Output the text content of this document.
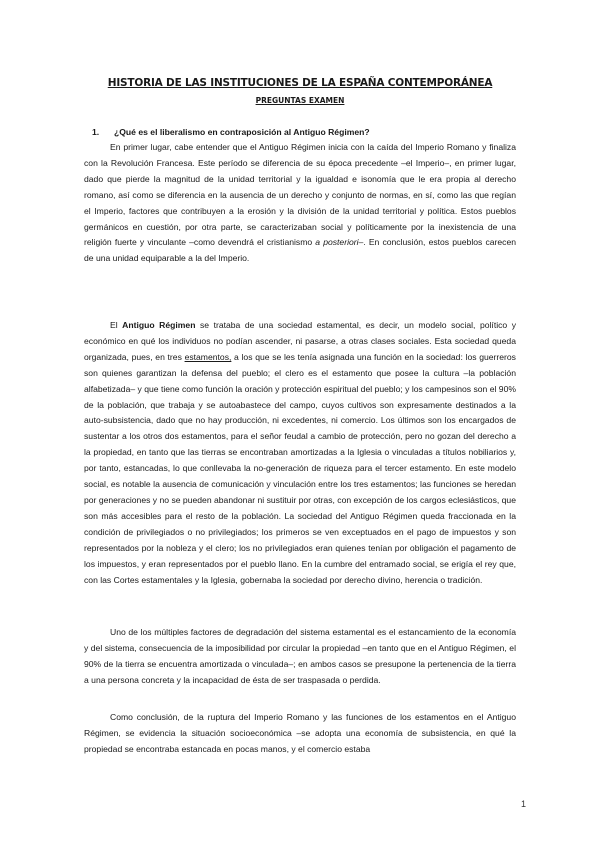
HISTORIA DE LAS INSTITUCIONES DE LA ESPAÑA CONTEMPORÁNEA
PREGUNTAS EXAMEN
1. ¿Qué es el liberalismo en contraposición al Antiguo Régimen?

En primer lugar, cabe entender que el Antiguo Régimen inicia con la caída del Imperio Romano y finaliza con la Revolución Francesa. Este período se diferencia de su época precedente –el Imperio–, en primer lugar, dado que pierde la magnitud de la unidad territorial y la igualdad e isonomía que le era propia al derecho romano, así como se diferencia en la ausencia de un derecho y conjunto de normas, en sí, como las que regían el Imperio, factores que contribuyen a la erosión y la división de la unidad territorial y política. Estos pueblos germánicos en cuestión, por otra parte, se caracterizaban social y políticamente por la inexistencia de una religión fuerte y vinculante –como devendrá el cristianismo a posteriori–. En conclusión, estos pueblos carecen de una unidad equiparable a la del Imperio.

El Antiguo Régimen se trataba de una sociedad estamental, es decir, un modelo social, político y económico en qué los individuos no podían ascender, ni pasarse, a otras clases sociales. Esta sociedad queda organizada, pues, en tres estamentos, a los que se les tenía asignada una función en la sociedad: los guerreros son quienes garantizan la defensa del pueblo; el clero es el estamento que posee la cultura –la población alfabetizada– y que tiene como función la oración y protección espiritual del pueblo; y los campesinos son el 90% de la población, que trabaja y se autoabastece del campo, cuyos cultivos son expresamente destinados a la auto-subsistencia, dado que no hay producción, ni excedentes, ni comercio. Los últimos son los encargados de sustentar a los otros dos estamentos, para el señor feudal a cambio de protección, pero no gozan del derecho a la propiedad, en tanto que las tierras se encontraban amortizadas a la Iglesia o vinculadas a títulos nobiliarios y, por tanto, estancadas, lo que conllevaba la no-generación de riqueza para el tercer estamento. En este modelo social, es notable la ausencia de comunicación y vinculación entre los tres estamentos; las funciones se heredan por generaciones y no se pueden abandonar ni sustituir por otras, con excepción de los cargos eclesiásticos, que son más accesibles para el resto de la población. La sociedad del Antiguo Régimen queda fraccionada en la condición de privilegiados o no privilegiados; los primeros se ven exceptuados en el pago de impuestos y son representados por la nobleza y el clero; los no privilegiados eran quienes tenían por obligación el pagamento de los impuestos, y eran representados por el pueblo llano. En la cumbre del entramado social, se erigía el rey que, con las Cortes estamentales y la Iglesia, gobernaba la sociedad por derecho divino, herencia o tradición.

Uno de los múltiples factores de degradación del sistema estamental es el estancamiento de la economía y del sistema, consecuencia de la imposibilidad por circular la propiedad –en tanto que en el Antiguo Régimen, el 90% de la tierra se encuentra amortizada o vinculada–; en ambos casos se presupone la pertenencia de la tierra a una persona concreta y la incapacidad de ésta de ser traspasada o perdida.

Como conclusión, de la ruptura del Imperio Romano y las funciones de los estamentos en el Antiguo Régimen, se evidencia la situación socioeconómica –se adopta una economía de subsistencia, en qué la propiedad se encontraba estancada en pocas manos, y el comercio estaba

1
